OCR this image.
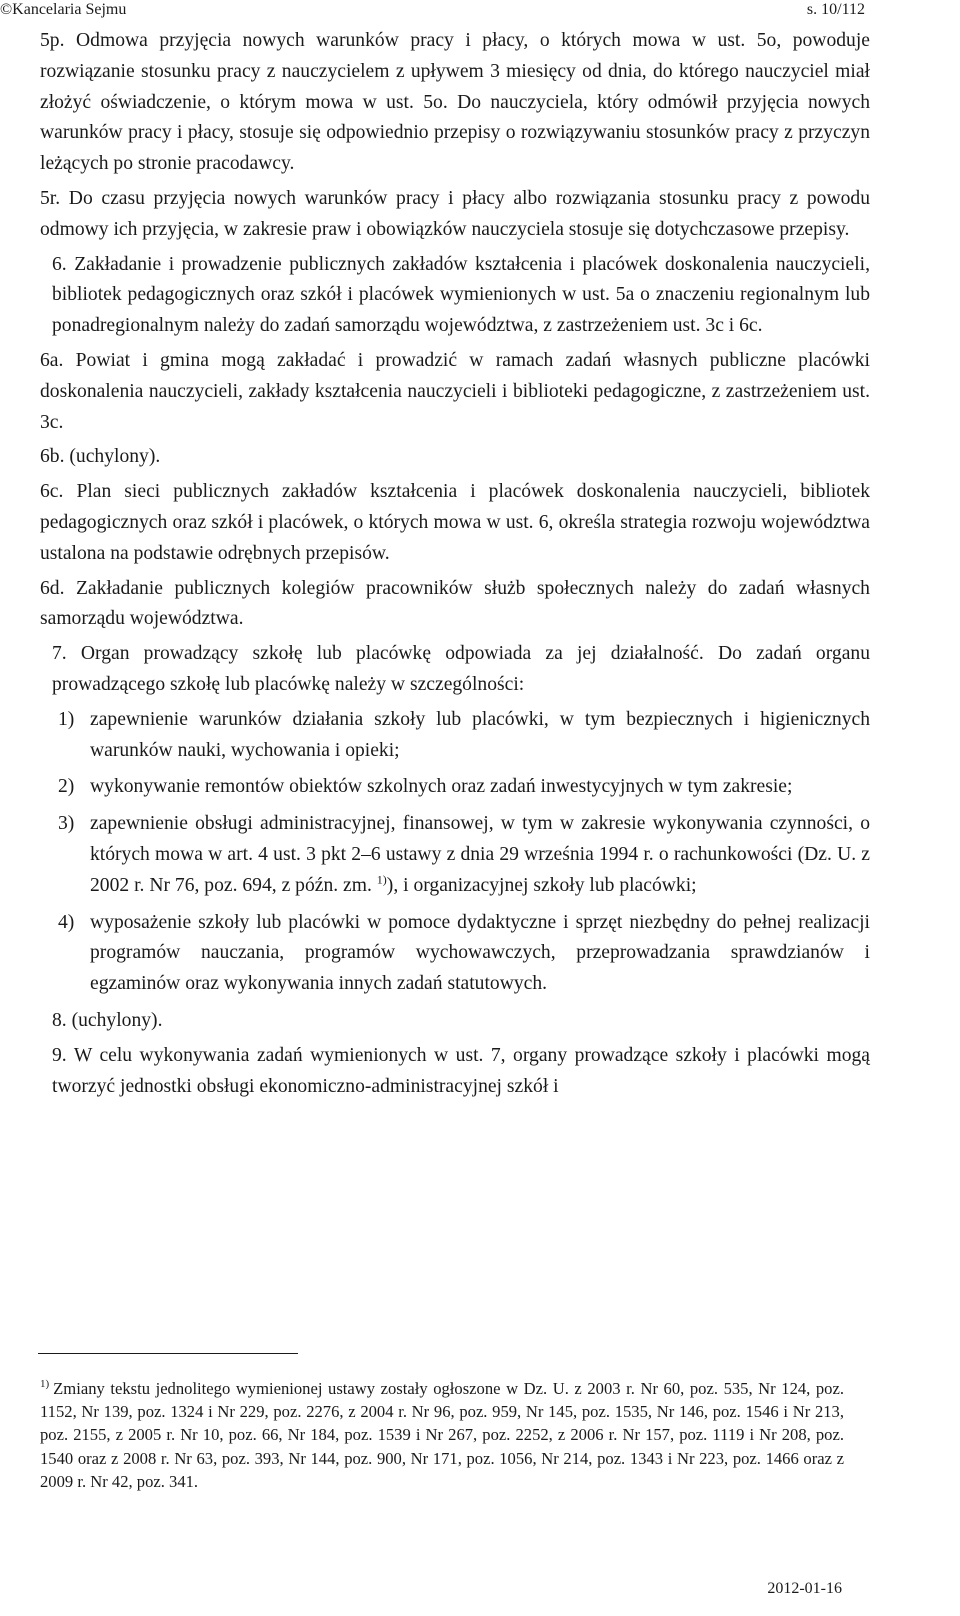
©Kancelaria Sejmu	s. 10/112

5p. Odmowa przyjęcia nowych warunków pracy i płacy, o których mowa w ust. 5o, powoduje rozwiązanie stosunku pracy z nauczycielem z upływem 3 miesięcy od dnia, do którego nauczyciel miał złożyć oświadczenie, o którym mowa w ust. 5o. Do nauczyciela, który odmówił przyjęcia nowych warunków pracy i płacy, stosuje się odpowiednio przepisy o rozwiązywaniu stosunków pracy z przyczyn leżących po stronie pracodawcy.

5r. Do czasu przyjęcia nowych warunków pracy i płacy albo rozwiązania stosunku pracy z powodu odmowy ich przyjęcia, w zakresie praw i obowiązków nauczyciela stosuje się dotychczasowe przepisy.

6. Zakładanie i prowadzenie publicznych zakładów kształcenia i placówek doskonalenia nauczycieli, bibliotek pedagogicznych oraz szkół i placówek wymienionych w ust. 5a o znaczeniu regionalnym lub ponadregionalnym należy do zadań samorządu województwa, z zastrzeżeniem ust. 3c i 6c.

6a. Powiat i gmina mogą zakładać i prowadzić w ramach zadań własnych publiczne placówki doskonalenia nauczycieli, zakłady kształcenia nauczycieli i biblioteki pedagogiczne, z zastrzeżeniem ust. 3c.

6b. (uchylony).

6c. Plan sieci publicznych zakładów kształcenia i placówek doskonalenia nauczycieli, bibliotek pedagogicznych oraz szkół i placówek, o których mowa w ust. 6, określa strategia rozwoju województwa ustalona na podstawie odrębnych przepisów.

6d. Zakładanie publicznych kolegiów pracowników służb społecznych należy do zadań własnych samorządu województwa.

7. Organ prowadzący szkołę lub placówkę odpowiada za jej działalność. Do zadań organu prowadzącego szkołę lub placówkę należy w szczególności:

1) zapewnienie warunków działania szkoły lub placówki, w tym bezpiecznych i higienicznych warunków nauki, wychowania i opieki;
2) wykonywanie remontów obiektów szkolnych oraz zadań inwestycyjnych w tym zakresie;
3) zapewnienie obsługi administracyjnej, finansowej, w tym w zakresie wykonywania czynności, o których mowa w art. 4 ust. 3 pkt 2–6 ustawy z dnia 29 września 1994 r. o rachunkowości (Dz. U. z 2002 r. Nr 76, poz. 694, z późn. zm. $^{1)}$), i organizacyjnej szkoły lub placówki;
4) wyposażenie szkoły lub placówki w pomoce dydaktyczne i sprzęt niezbędny do pełnej realizacji programów nauczania, programów wychowawczych, przeprowadzania sprawdzianów i egzaminów oraz wykonywania innych zadań statutowych.

8. (uchylony).

9. W celu wykonywania zadań wymienionych w ust. 7, organy prowadzące szkoły i placówki mogą tworzyć jednostki obsługi ekonomiczno-administracyjnej szkół i

$^{1)}$ Zmiany tekstu jednolitego wymienionej ustawy zostały ogłoszone w Dz. U. z 2003 r. Nr 60, poz. 535, Nr 124, poz. 1152, Nr 139, poz. 1324 i Nr 229, poz. 2276, z 2004 r. Nr 96, poz. 959, Nr 145, poz. 1535, Nr 146, poz. 1546 i Nr 213, poz. 2155, z 2005 r. Nr 10, poz. 66, Nr 184, poz. 1539 i Nr 267, poz. 2252, z 2006 r. Nr 157, poz. 1119 i Nr 208, poz. 1540 oraz z 2008 r. Nr 63, poz. 393, Nr 144, poz. 900, Nr 171, poz. 1056, Nr 214, poz. 1343 i Nr 223, poz. 1466 oraz z 2009 r. Nr 42, poz. 341.
2012-01-16
